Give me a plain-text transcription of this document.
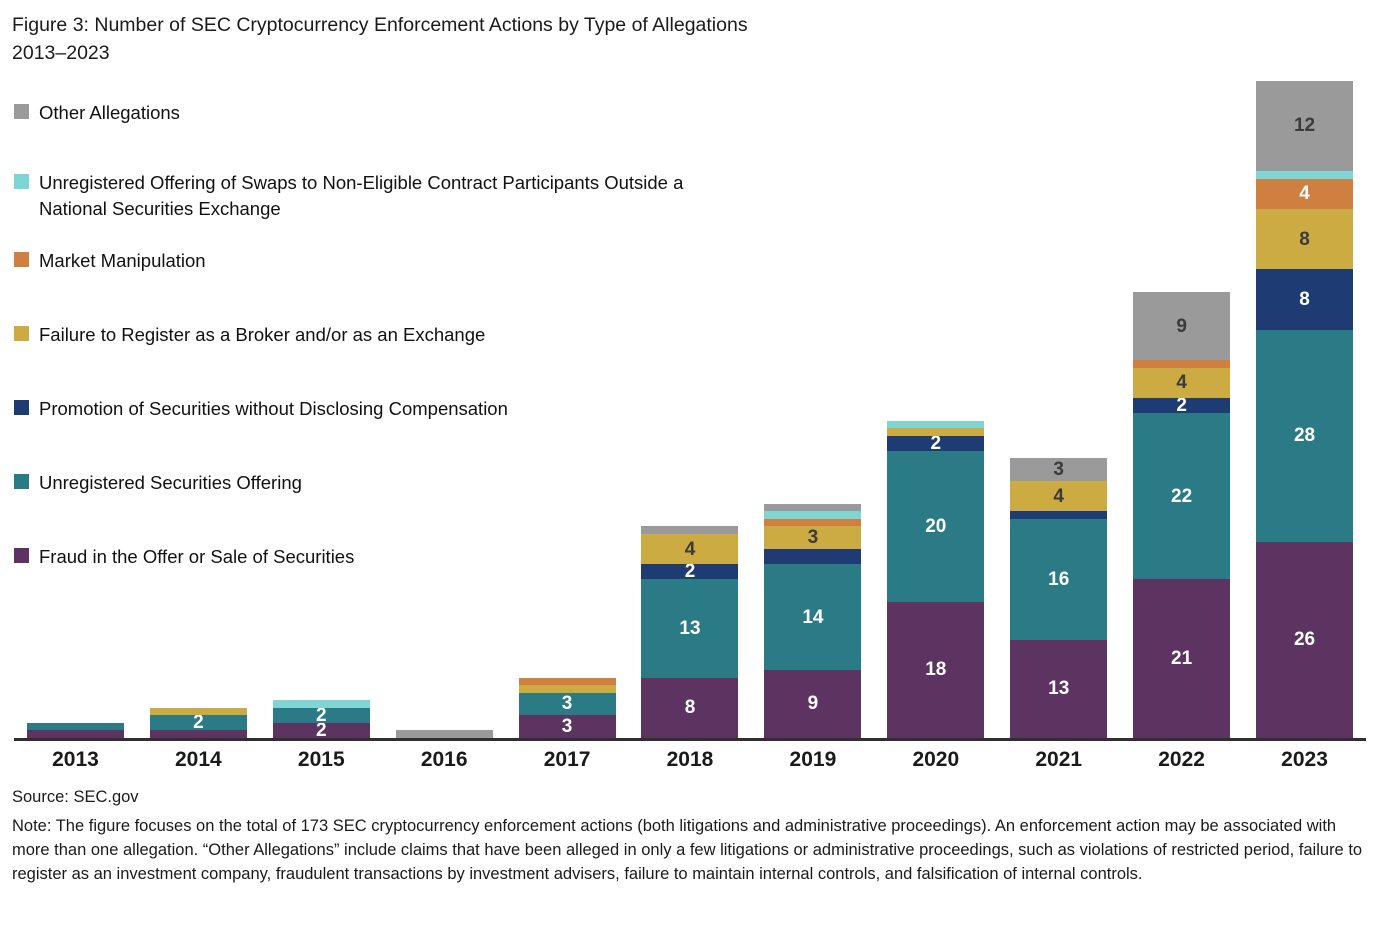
Figure 3: Number of SEC Cryptocurrency Enforcement Actions by Type of Allegations
2013–2023
Other Allegations
Unregistered Offering of Swaps to Non-Eligible Contract Participants Outside a National Securities Exchange
Market Manipulation
Failure to Register as a Broker and/or as an Exchange
Promotion of Securities without Disclosing Compensation
Unregistered Securities Offering
Fraud in the Offer or Sale of Securities
2	2
2
3
3
4
2
13
8
3
14
9
2
20
18
3
4
16
13
9
4
2
22
21
12
4
8
8
28
26
2013	2014	2015	2016	2017	2018	2019	2020	2021	2022	2023
Source: SEC.gov
Note: The figure focuses on the total of 173 SEC cryptocurrency enforcement actions (both litigations and administrative proceedings). An enforcement action may be associated with more than one allegation. “Other Allegations” include claims that have been alleged in only a few litigations or administrative proceedings, such as violations of restricted period, failure to register as an investment company, fraudulent transactions by investment advisers, failure to maintain internal controls, and falsification of internal controls.
